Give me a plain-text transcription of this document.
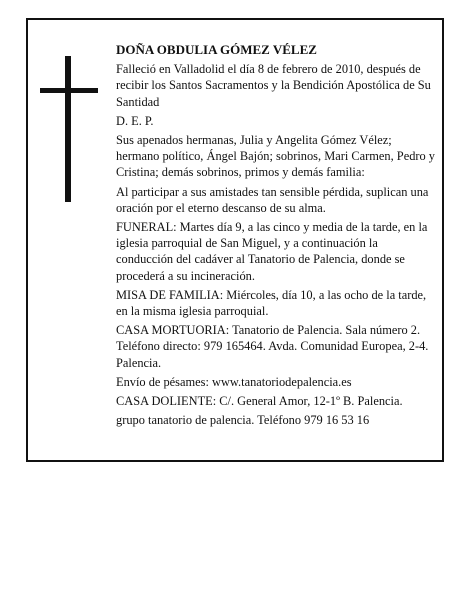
DOÑA OBDULIA GÓMEZ VÉLEZ

Falleció en Valladolid el día 8 de febrero de 2010, después de recibir los Santos Sacramentos y la Bendición Apostólica de Su Santidad

D. E. P.

Sus apenados hermanas, Julia y Angelita Gómez Vélez; hermano político, Ángel Bajón; sobrinos, Mari Carmen, Pedro y Cristina; demás sobrinos, primos y demás familia:

Al participar a sus amistades tan sensible pérdida, suplican una oración por el eterno descanso de su alma.

FUNERAL: Martes día 9, a las cinco y media de la tarde, en la iglesia parroquial de San Miguel, y a continuación la conducción del cadáver al Tanatorio de Palencia, donde se procederá a su incineración.

MISA DE FAMILIA: Miércoles, día 10, a las ocho de la tarde, en la misma iglesia parroquial.

CASA MORTUORIA: Tanatorio de Palencia. Sala número 2. Teléfono directo: 979 165464. Avda. Comunidad Europea, 2-4. Palencia.

Envío de pésames: www.tanatoriodepalencia.es

CASA DOLIENTE: C/. General Amor, 12-1º B. Palencia.

grupo tanatorio de palencia. Teléfono 979 16 53 16
